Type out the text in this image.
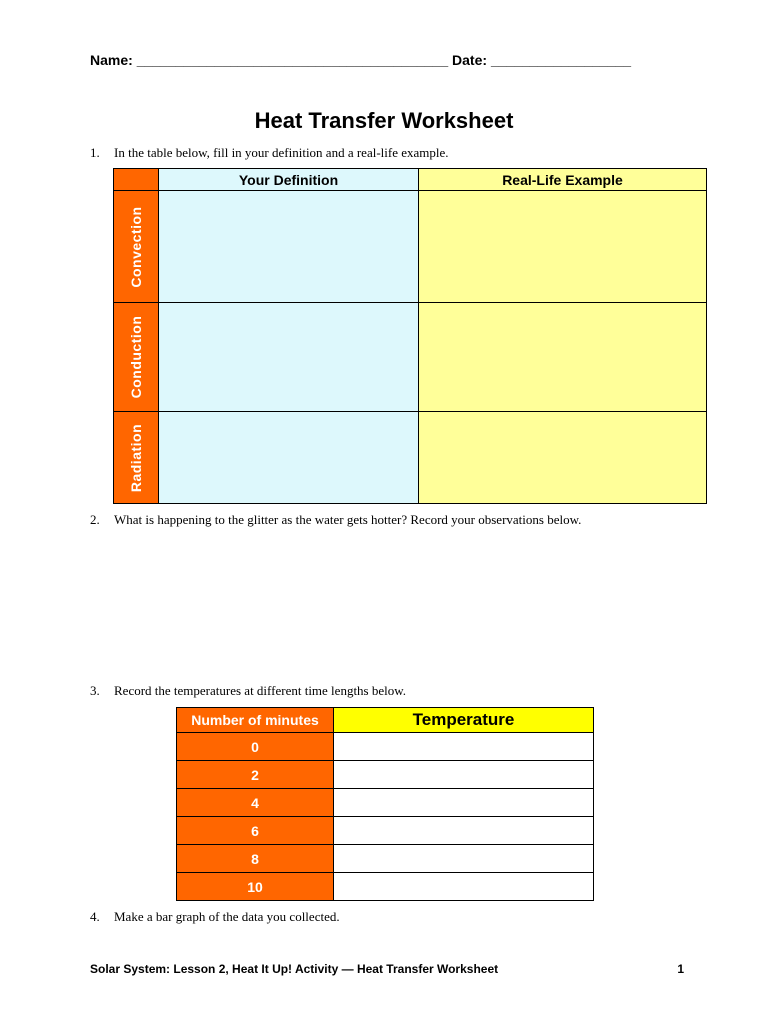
Name: ________________________________________ Date: __________________
Heat Transfer Worksheet
1. In the table below, fill in your definition and a real-life example.
	Your Definition	Real-Life Example

Convection		

Conduction		

Radiation		

2. What is happening to the glitter as the water gets hotter? Record your observations below.
3. Record the temperatures at different time lengths below.
Number of minutes	Temperature
0	
2	
4	
6	
8	
10	
4. Make a bar graph of the data you collected.
Solar System: Lesson 2, Heat It Up! Activity — Heat Transfer Worksheet	1
